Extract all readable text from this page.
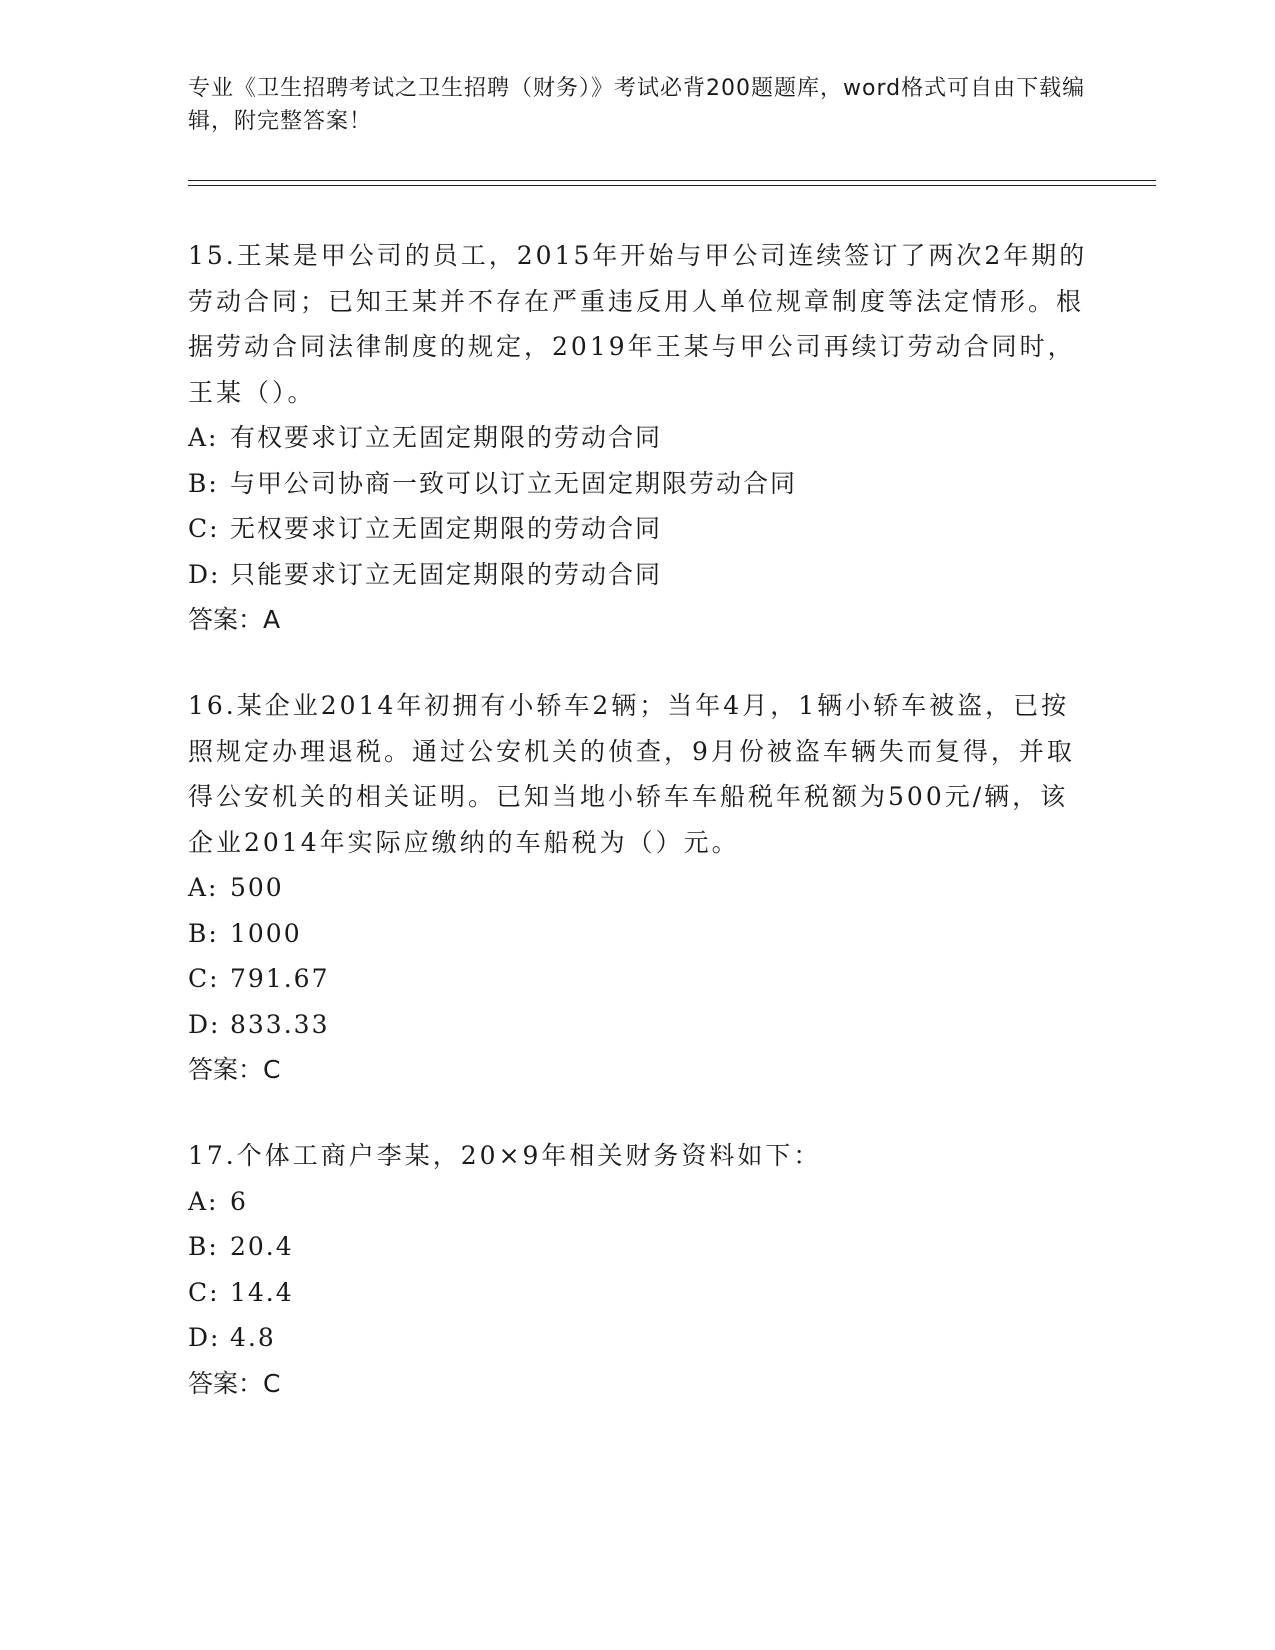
专业《卫生招聘考试之卫生招聘（财务）》考试必背200题题库，word格式可自由下载编辑，附完整答案！

15.王某是甲公司的员工，2015年开始与甲公司连续签订了两次2年期的劳动合同；已知王某并不存在严重违反用人单位规章制度等法定情形。根据劳动合同法律制度的规定，2019年王某与甲公司再续订劳动合同时，王某（）。

A: 有权要求订立无固定期限的劳动合同

B: 与甲公司协商一致可以订立无固定期限劳动合同

C: 无权要求订立无固定期限的劳动合同

D: 只能要求订立无固定期限的劳动合同

答案：A

16.某企业2014年初拥有小轿车2辆；当年4月，1辆小轿车被盗，已按照规定办理退税。通过公安机关的侦查，9月份被盗车辆失而复得，并取得公安机关的相关证明。已知当地小轿车车船税年税额为500元/辆，该企业2014年实际应缴纳的车船税为（）元。

A: 500

B: 1000

C: 791.67

D: 833.33

答案：C

17.个体工商户李某，20×9年相关财务资料如下：

A: 6

B: 20.4

C: 14.4

D: 4.8

答案：C
